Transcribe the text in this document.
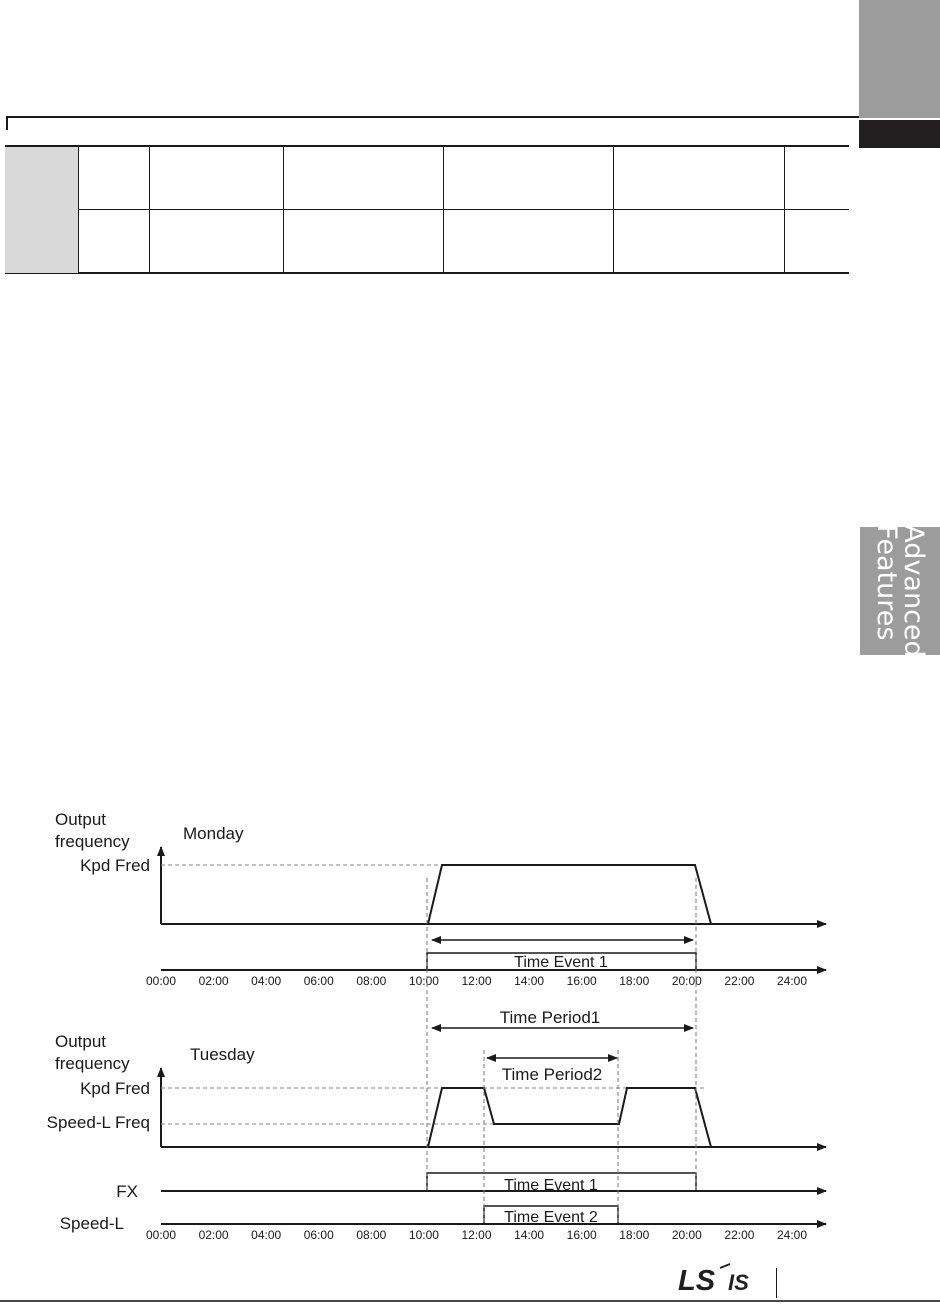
Advanced
Features

Output
frequency	Monday
Kpd Fred
Time Event 1
00:00 02:00 04:00 06:00 08:00 10:00 12:00 14:00 16:00 18:00 20:00 22:00 24:00
Output
frequency	Tuesday
Kpd Fred
Speed-L Freq
Time Period1
Time Period2
FX	Time Event 1
Speed-L	Time Event 2
00:00 02:00 04:00 06:00 08:00 10:00 12:00 14:00 16:00 18:00 20:00 22:00 24:00
LS IS
